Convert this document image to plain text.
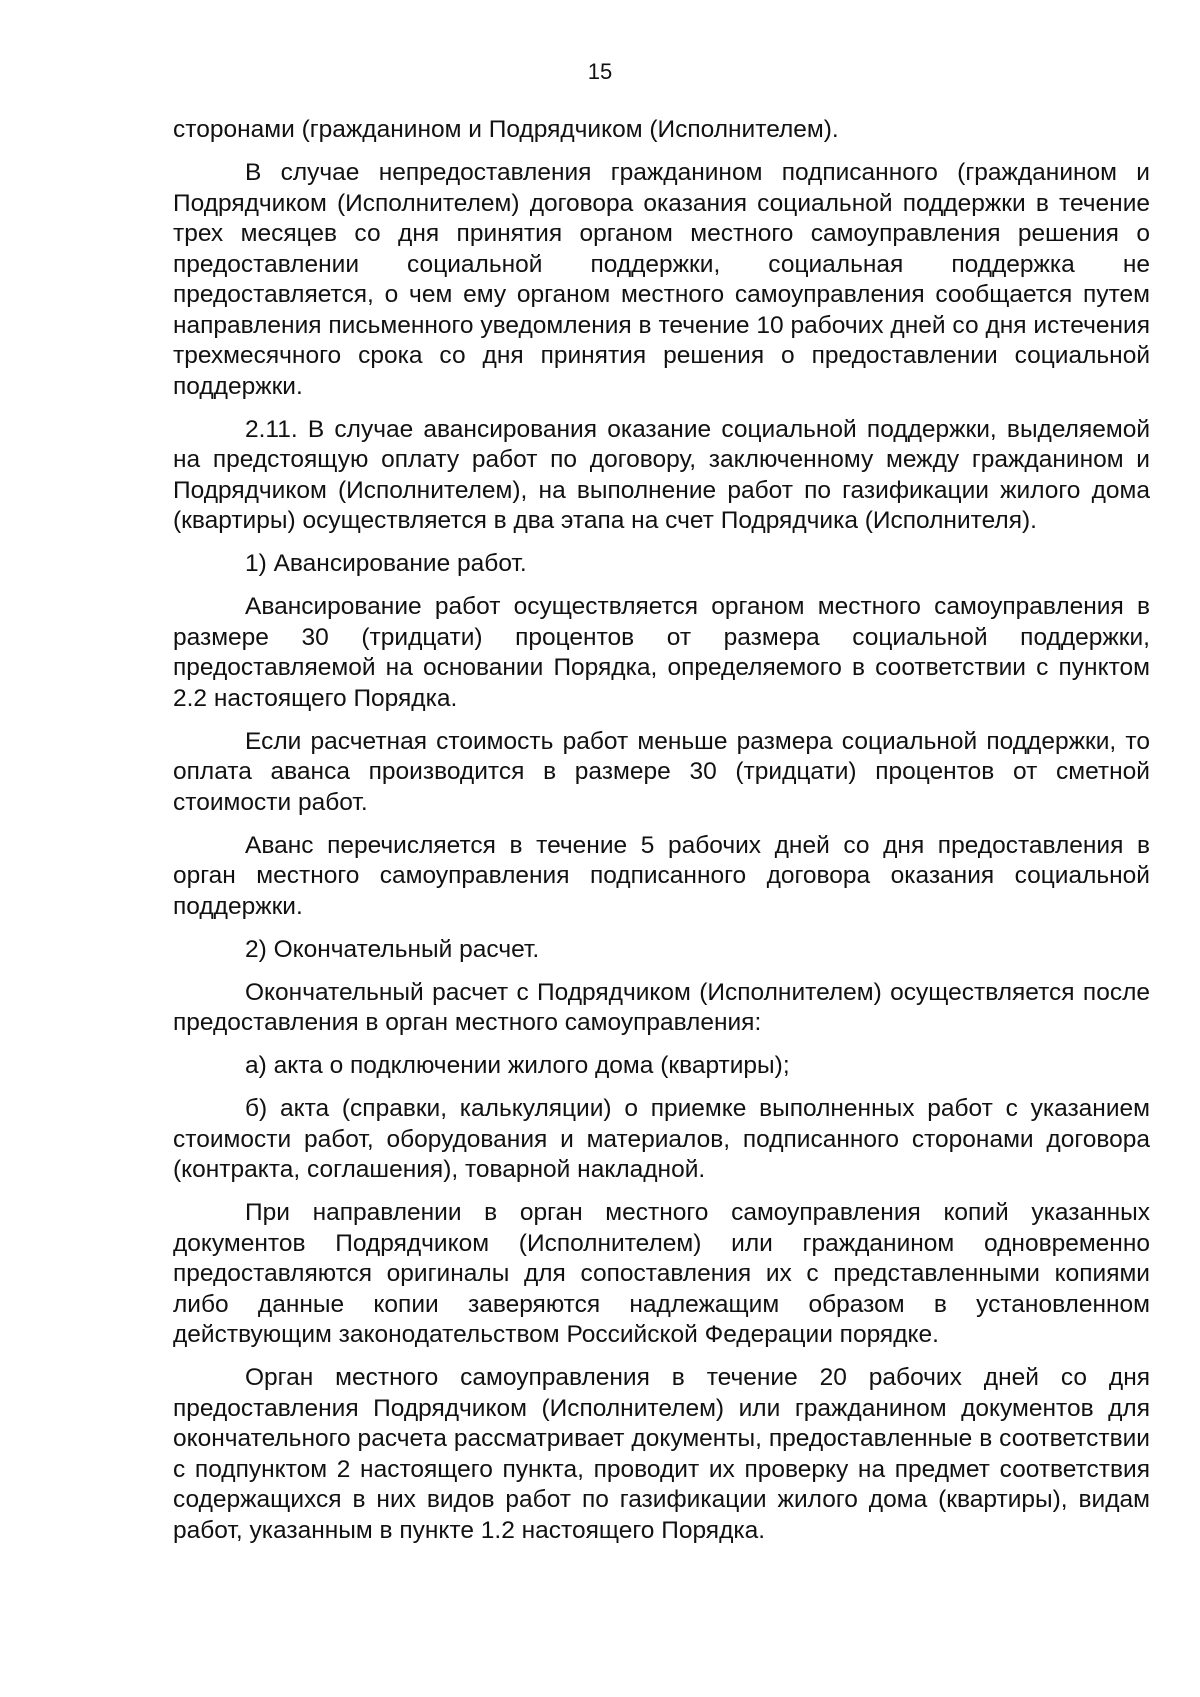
15

сторонами (гражданином и Подрядчиком (Исполнителем).

В случае непредоставления гражданином подписанного (гражданином и Подрядчиком (Исполнителем) договора оказания социальной поддержки в течение трех месяцев со дня принятия органом местного самоуправления решения о предоставлении социальной поддержки, социальная поддержка не предоставляется, о чем ему органом местного самоуправления сообщается путем направления письменного уведомления в течение 10 рабочих дней со дня истечения трехмесячного срока со дня принятия решения о предоставлении социальной поддержки.

2.11. В случае авансирования оказание социальной поддержки, выделяемой на предстоящую оплату работ по договору, заключенному между гражданином и Подрядчиком (Исполнителем), на выполнение работ по газификации жилого дома (квартиры) осуществляется в два этапа на счет Подрядчика (Исполнителя).

1) Авансирование работ.

Авансирование работ осуществляется органом местного самоуправления в размере 30 (тридцати) процентов от размера социальной поддержки, предоставляемой на основании Порядка, определяемого в соответствии с пунктом 2.2 настоящего Порядка.

Если расчетная стоимость работ меньше размера социальной поддержки, то оплата аванса производится в размере 30 (тридцати) процентов от сметной стоимости работ.

Аванс перечисляется в течение 5 рабочих дней со дня предоставления в орган местного самоуправления подписанного договора оказания социальной поддержки.

2) Окончательный расчет.

Окончательный расчет с Подрядчиком (Исполнителем) осуществляется после предоставления в орган местного самоуправления:

а) акта о подключении жилого дома (квартиры);

б) акта (справки, калькуляции) о приемке выполненных работ с указанием стоимости работ, оборудования и материалов, подписанного сторонами договора (контракта, соглашения), товарной накладной.

При направлении в орган местного самоуправления копий указанных документов Подрядчиком (Исполнителем) или гражданином одновременно предоставляются оригиналы для сопоставления их с представленными копиями либо данные копии заверяются надлежащим образом в установленном действующим законодательством Российской Федерации порядке.

Орган местного самоуправления в течение 20 рабочих дней со дня предоставления Подрядчиком (Исполнителем) или гражданином документов для окончательного расчета рассматривает документы, предоставленные в соответствии с подпунктом 2 настоящего пункта, проводит их проверку на предмет соответствия содержащихся в них видов работ по газификации жилого дома (квартиры), видам работ, указанным в пункте 1.2 настоящего Порядка.
